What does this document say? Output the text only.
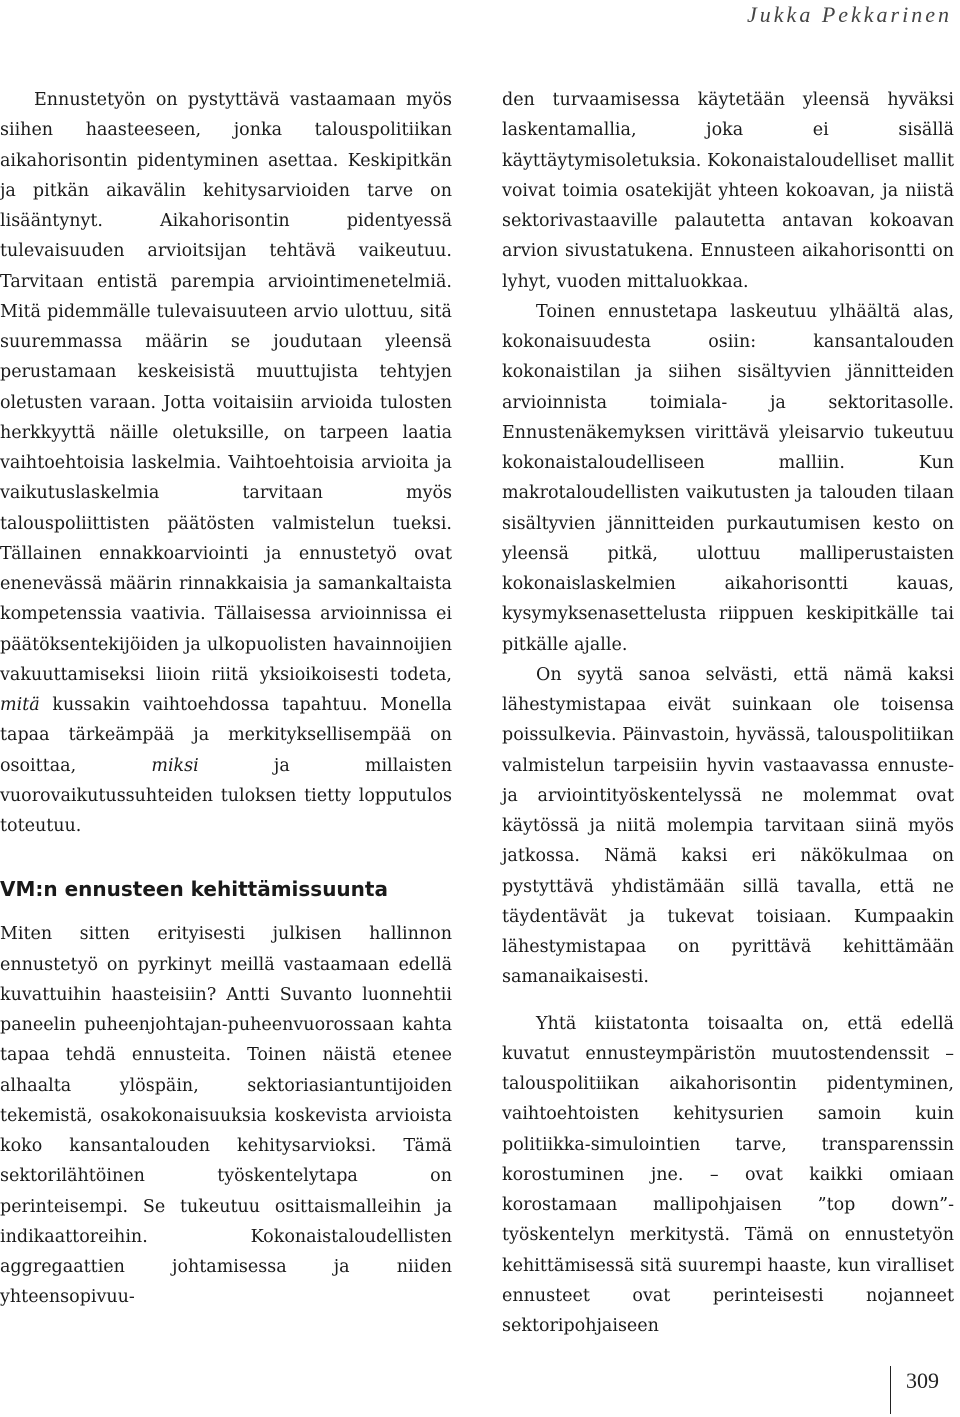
Jukka Pekkarinen

Ennustetyön on pystyttävä vastaamaan myös siihen haasteeseen, jonka talouspolitiikan aikahorisontin pidentyminen asettaa. Keskipitkän ja pitkän aikavälin kehitysarvioiden tarve on lisääntynyt. Aikahorisontin pidentyessä tulevaisuuden arvioitsijan tehtävä vaikeutuu. Tarvitaan entistä parempia arviointimenetelmiä. Mitä pidemmälle tulevaisuuteen arvio ulottuu, sitä suuremmassa määrin se joudutaan yleensä perustamaan keskeisistä muuttujista tehtyjen oletusten varaan. Jotta voitaisiin arvioida tulosten herkkyyttä näille oletuksille, on tarpeen laatia vaihtoehtoisia laskelmia. Vaihtoehtoisia arvioita ja vaikutuslaskelmia tarvitaan myös talouspoliittisten päätösten valmistelun tueksi. Tällainen ennakkoarviointi ja ennustetyö ovat enenevässä määrin rinnakkaisia ja samankaltaista kompetenssia vaativia. Tällaisessa arvioinnissa ei päätöksentekijöiden ja ulkopuolisten havainnoijien vakuuttamiseksi liioin riitä yksioikoisesti todeta, mitä kussakin vaihtoehdossa tapahtuu. Monella tapaa tärkeämpää ja merkityksellisempää on osoittaa,	miksi	ja millaisten vuorovaikutussuhteiden tuloksen tietty lopputulos toteutuu.

VM:n ennusteen kehittämissuunta

Miten sitten erityisesti julkisen hallinnon ennustetyö on pyrkinyt meillä vastaamaan edellä kuvattuihin haasteisiin? Antti Suvanto luonnehtii paneelin puheenjohtajan-puheenvuorossaan kahta tapaa tehdä ennusteita. Toinen näistä etenee alhaalta ylöspäin, sektoriasiantuntijoiden tekemistä, osakokonaisuuksia koskevista arvioista koko kansantalouden kehitysarvioksi. Tämä sektorilähtöinen työskentelytapa on perinteisempi. Se tukeutuu osittaismalleihin ja indikaattoreihin. Kokonaistaloudellisten aggregaattien johtamisessa ja niiden yhteensopivuu-

den turvaamisessa käytetään yleensä hyväksi laskentamallia, joka ei sisällä käyttäytymisoletuksia. Kokonaistaloudelliset mallit voivat toimia osatekijät yhteen kokoavan, ja niistä sektorivastaaville palautetta antavan kokoavan arvion sivustatukena. Ennusteen aikahorisontti on lyhyt, vuoden mittaluokkaa.

Toinen ennustetapa laskeutuu ylhäältä alas, kokonaisuudesta osiin: kansantalouden kokonaistilan ja siihen sisältyvien jännitteiden arvioinnista toimiala- ja sektoritasolle. Ennustenäkemyksen virittävä yleisarvio tukeutuu kokonaistaloudelliseen malliin. Kun makrotaloudellisten vaikutusten ja talouden tilaan sisältyvien jännitteiden purkautumisen kesto on yleensä pitkä, ulottuu malliperustaisten kokonaislaskelmien aikahorisontti kauas, kysymyksenasettelusta riippuen keskipitkälle tai pitkälle ajalle.

On syytä sanoa selvästi, että nämä kaksi lähestymistapaa eivät suinkaan ole toisensa poissulkevia. Päinvastoin, hyvässä, talouspolitiikan valmistelun tarpeisiin hyvin vastaavassa ennuste- ja arviointityöskentelyssä ne molemmat ovat käytössä ja niitä molempia tarvitaan siinä myös jatkossa. Nämä kaksi eri näkökulmaa on pystyttävä yhdistämään sillä tavalla, että ne täydentävät ja tukevat toisiaan. Kumpaakin lähestymistapaa on pyrittävä kehittämään samanaikaisesti.

Yhtä kiistatonta toisaalta on, että edellä kuvatut ennusteympäristön muutostendenssit – talouspolitiikan aikahorisontin pidentyminen, vaihtoehtoisten kehitysurien samoin kuin politiikka-simulointien tarve, transparenssin korostuminen jne. – ovat kaikki omiaan korostamaan mallipohjaisen ”top down”-työskentelyn merkitystä. Tämä on ennustetyön kehittämisessä sitä suurempi haaste, kun viralliset ennusteet ovat perinteisesti nojanneet sektoripohjaiseen

309
